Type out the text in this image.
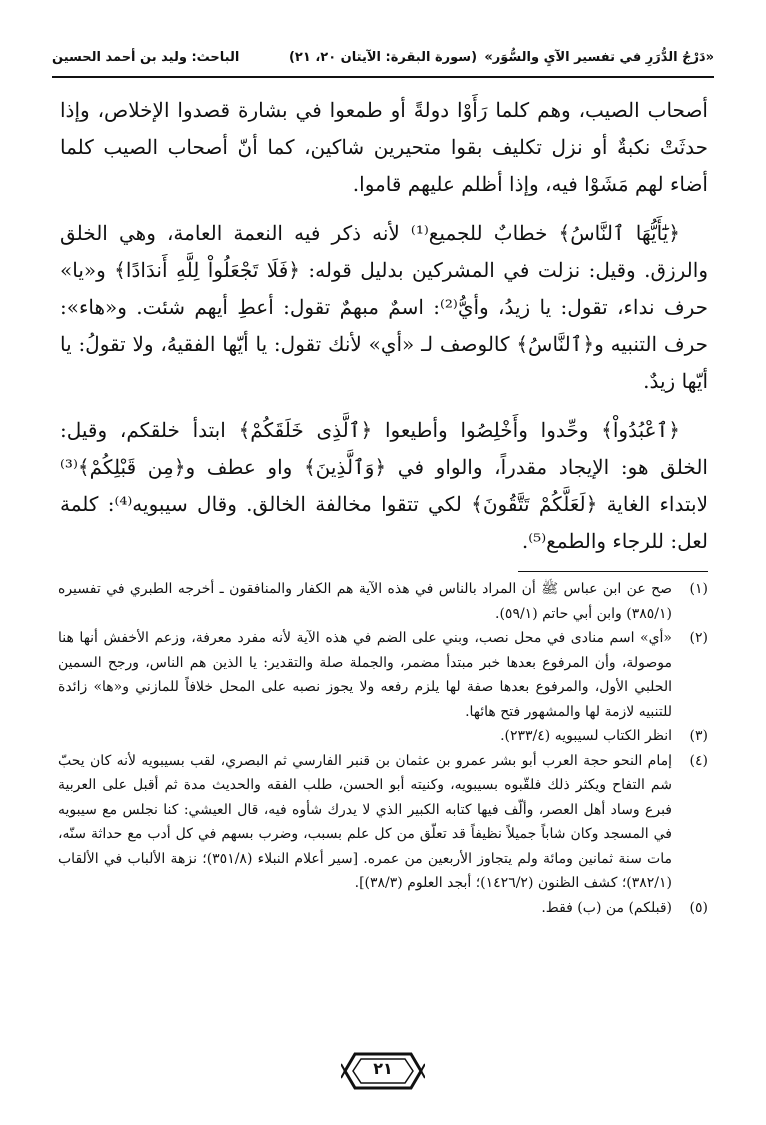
«دَرْجُ الدُّرَرِ في تفسير الآيِ والسُّوَر»
(سورة البقرة: الآيتان ٢٠، ٢١)
الباحث: وليد بن أحمد الحسين

أصحاب الصيب، وهم كلما رَأَوْا دولةً أو طمعوا في بشارة قصدوا الإخلاص، وإذا حدثَتْ نكبةٌ أو نزل تكليف بقوا متحيرين شاكين، كما أنّ أصحاب الصيب كلما أضاء لهم مَشَوْا فيه، وإذا أظلم عليهم قاموا.

﴿يَٰٓأَيُّهَا ٱلنَّاسُ﴾ خطابٌ للجميع⁽¹⁾ لأنه ذكر فيه النعمة العامة، وهي الخلق والرزق. وقيل: نزلت في المشركين بدليل قوله: ﴿فَلَا تَجْعَلُواْ لِلَّهِ أَندَادًا﴾ و«يا» حرف نداء، تقول: يا زيدُ، وأيُّ⁽²⁾: اسمٌ مبهمٌ تقول: أعطِ أيهم شئت. و«هاء»: حرف التنبيه و﴿ٱلنَّاسُ﴾ كالوصف لـ «أي» لأنك تقول: يا أيّها الفقيهُ، ولا تقولُ: يا أيّها زيدٌ.

﴿ٱعْبُدُواْ﴾ وحِّدوا وأَخْلِصُوا وأطيعوا ﴿ٱلَّذِى خَلَقَكُمْ﴾ ابتدأ خلقكم، وقيل: الخلق هو: الإيجاد مقدراً، والواو في ﴿وَٱلَّذِينَ﴾ واو عطف و﴿مِن قَبْلِكُمْ﴾⁽³⁾ لابتداء الغاية ﴿لَعَلَّكُمْ تَتَّقُونَ﴾ لكي تتقوا مخالفة الخالق. وقال سيبويه⁽⁴⁾: كلمة لعل: للرجاء والطمع⁽⁵⁾.

(١)
صح عن ابن عباس ﷺ أن المراد بالناس في هذه الآية هم الكفار والمنافقون ـ أخرجه الطبري في تفسيره (٣٨٥/١) وابن أبي حاتم (٥٩/١).
(٢)
«أي» اسم منادى في محل نصب، وبني على الضم في هذه الآية لأنه مفرد معرفة، وزعم الأخفش أنها هنا موصولة، وأن المرفوع بعدها خبر مبتدأ مضمر، والجملة صلة والتقدير: يا الذين هم الناس، ورجح السمين الحلبي الأول، والمرفوع بعدها صفة لها يلزم رفعه ولا يجوز نصبه على المحل خلافاً للمازني و«ها» زائدة للتنبيه لازمة لها والمشهور فتح هائها.
(٣)
انظر الكتاب لسيبويه (٢٣٣/٤).
(٤)
إمام النحو حجة العرب أبو بشر عمرو بن عثمان بن قنبر الفارسي ثم البصري، لقب بسيبويه لأنه كان يحبّ شم التفاح ويكثر ذلك فلقّبوه بسيبويه، وكنيته أبو الحسن، طلب الفقه والحديث مدة ثم أقبل على العربية فبرع وساد أهل العصر، وألّف فيها كتابه الكبير الذي لا يدرك شأوه فيه، قال العيشي: كنا نجلس مع سيبويه في المسجد وكان شاباً جميلاً نظيفاً قد تعلّق من كل علم بسبب، وضرب بسهم في كل أدب مع حداثة سنّه، مات سنة ثمانين ومائة ولم يتجاوز الأربعين من عمره. [سير أعلام النبلاء (٣٥١/٨)؛ نزهة الألباب في الألقاب (٣٨٢/١)؛ كشف الظنون (١٤٢٦/٢)؛ أبجد العلوم (٣٨/٣)].
(٥)
(قبلكم) من (ب) فقط.
٢١
